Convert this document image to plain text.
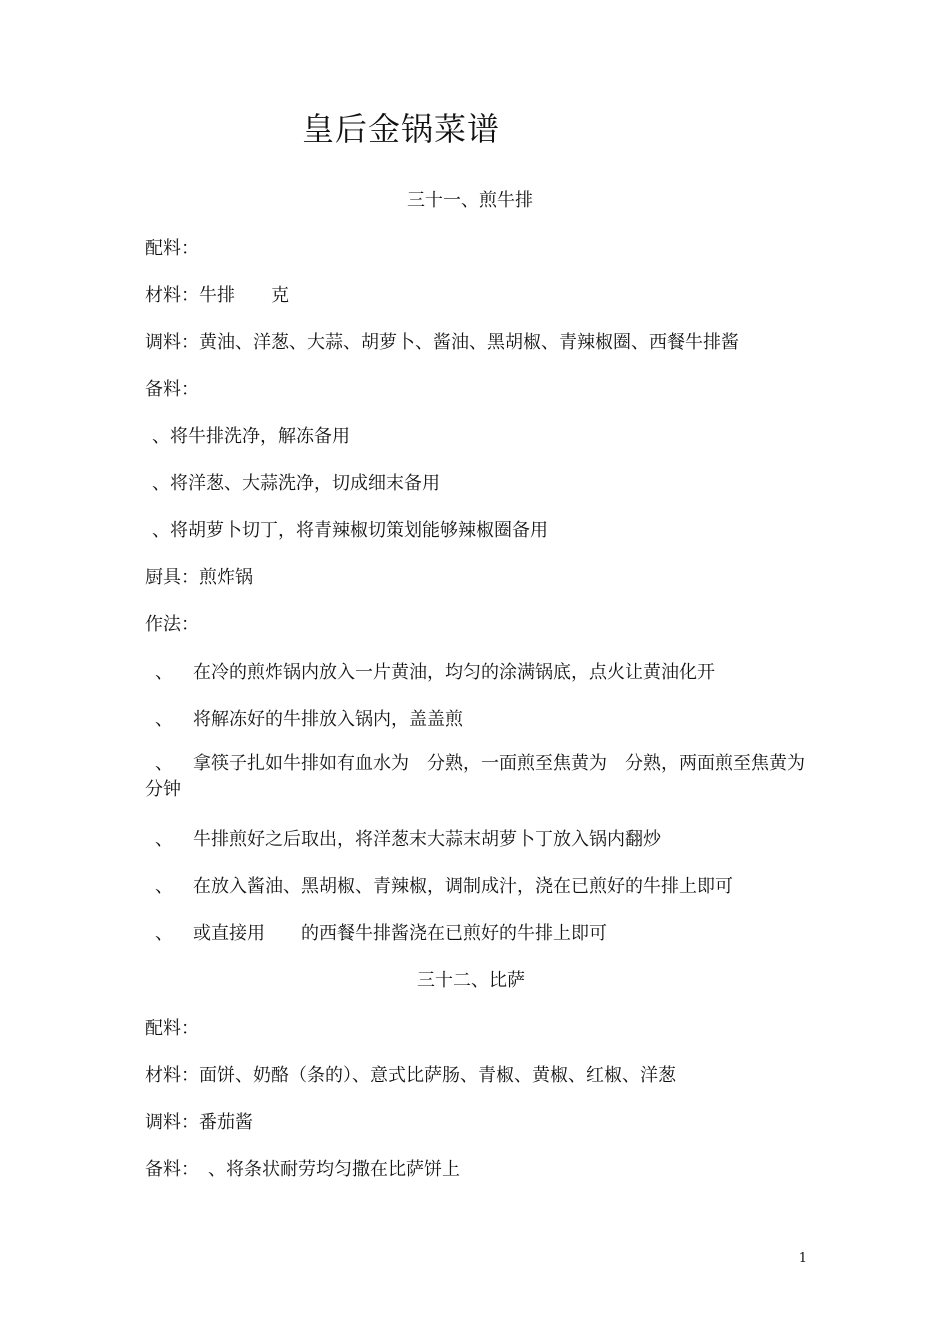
皇后金锅菜谱
三十一、煎牛排
配料：
材料：牛排　　克
调料：黄油、洋葱、大蒜、胡萝卜、酱油、黑胡椒、青辣椒圈、西餐牛排酱
备料：
、将牛排洗净，解冻备用
、将洋葱、大蒜洗净，切成细末备用
、将胡萝卜切丁，将青辣椒切策划能够辣椒圈备用
厨具：煎炸锅
作法：
、 在冷的煎炸锅内放入一片黄油，均匀的涂满锅底，点火让黄油化开
、 将解冻好的牛排放入锅内，盖盖煎
、 拿筷子扎如牛排如有血水为　分熟，一面煎至焦黄为　分熟，两面煎至焦黄为　分钟
、 牛排煎好之后取出，将洋葱末大蒜末胡萝卜丁放入锅内翻炒
、 在放入酱油、黑胡椒、青辣椒，调制成汁，浇在已煎好的牛排上即可
、 或直接用　　的西餐牛排酱浇在已煎好的牛排上即可
三十二、比萨
配料：
材料：面饼、奶酪（条的）、意式比萨肠、青椒、黄椒、红椒、洋葱
调料：番茄酱
备料：　、将条状耐劳均匀撒在比萨饼上
1
